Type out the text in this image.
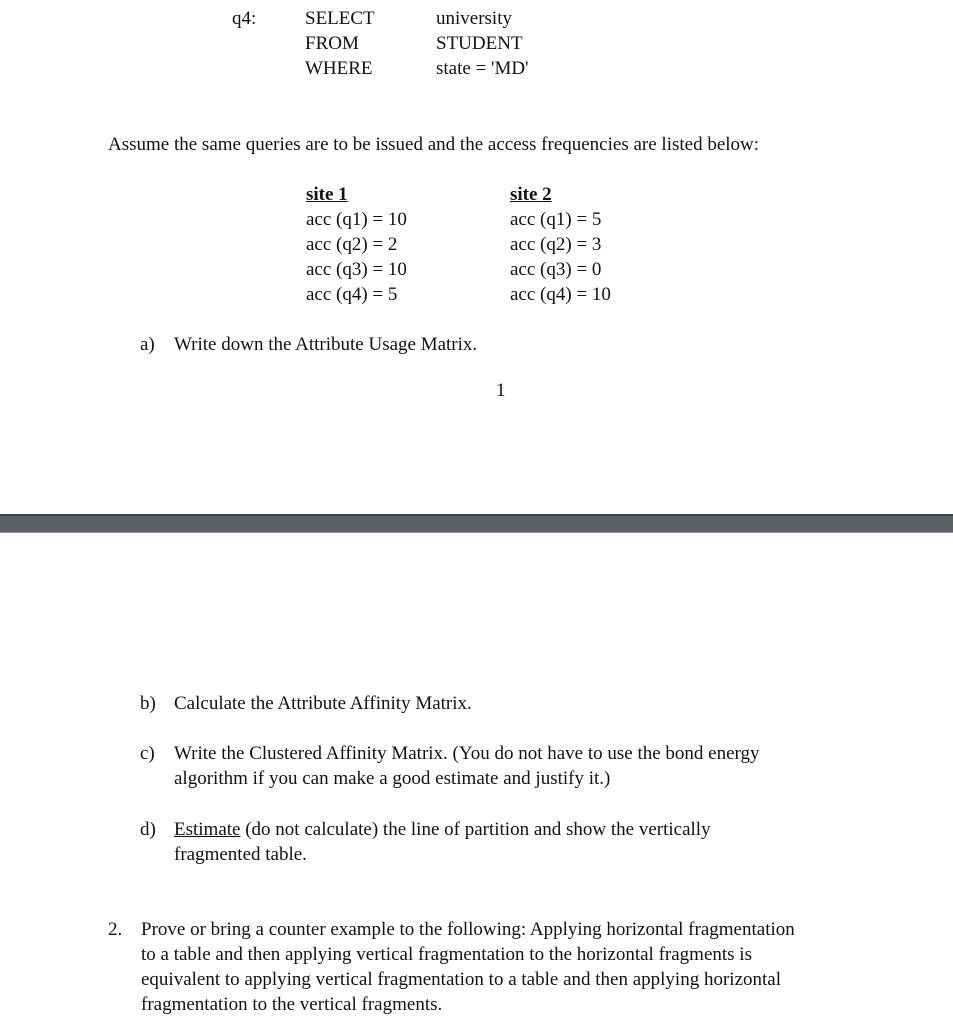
q4:	SELECT
FROM
WHERE
university
STUDENT
state = 'MD'
Assume the same queries are to be issued and the access frequencies are listed below:
site 1
acc (q1) = 10
acc (q2) = 2
acc (q3) = 10
acc (q4) = 5
site 2
acc (q1) = 5
acc (q2) = 3
acc (q3) = 0
acc (q4) = 10
a) Write down the Attribute Usage Matrix.
1
b) Calculate the Attribute Affinity Matrix.
c) Write the Clustered Affinity Matrix. (You do not have to use the bond energy
algorithm if you can make a good estimate and justify it.)
d) Estimate (do not calculate) the line of partition and show the vertically
fragmented table.
2. Prove or bring a counter example to the following: Applying horizontal fragmentation
to a table and then applying vertical fragmentation to the horizontal fragments is
equivalent to applying vertical fragmentation to a table and then applying horizontal
fragmentation to the vertical fragments.
